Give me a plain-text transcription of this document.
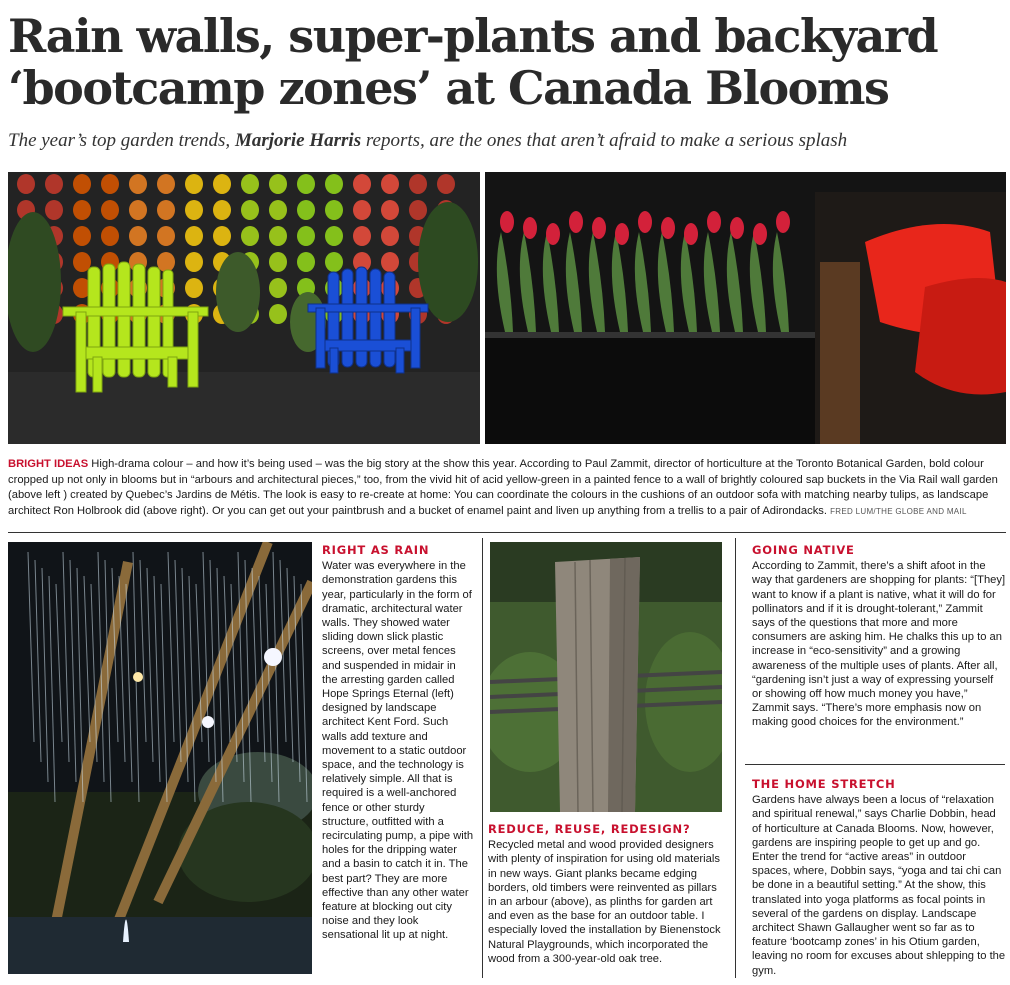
Rain walls, super-plants and backyard
‘bootcamp zones’ at Canada Blooms

The year’s top garden trends, Marjorie Harris reports, are the ones that aren’t afraid to make a serious splash

BRIGHT IDEAS High-drama colour – and how it’s being used – was the big story at the show this year. According to Paul Zammit, director of horticulture at the Toronto Botanical Garden, bold colour cropped up not only in blooms but in “arbours and architectural pieces,” too, from the vivid hit of acid yellow-green in a painted fence to a wall of brightly coloured sap buckets in the Via Rail wall garden (above left ) created by Quebec’s Jardins de Métis. The look is easy to re-create at home: You can coordinate the colours in the cushions of an outdoor sofa with matching nearby tulips, as landscape architect Ron Holbrook did (above right). Or you can get out your paintbrush and a bucket of enamel paint and liven up anything from a trellis to a pair of Adirondacks. FRED LUM/THE GLOBE AND MAIL

RIGHT AS RAIN

Water was everywhere in the demonstration gardens this year, particularly in the form of dramatic, architectural water walls. They showed water sliding down slick plastic screens, over metal fences and suspended in midair in the arresting garden called Hope Springs Eternal (left) designed by landscape architect Kent Ford. Such walls add texture and movement to a static outdoor space, and the technology is relatively simple. All that is required is a well-anchored fence or other sturdy structure, outfitted with a recirculating pump, a pipe with holes for the dripping water and a basin to catch it in. The best part? They are more effective than any other water feature at blocking out city noise and they look sensational lit up at night.

REDUCE, REUSE, REDESIGN?

Recycled metal and wood provided designers with plenty of inspiration for using old materials in new ways. Giant planks became edging borders, old timbers were reinvented as pillars in an arbour (above), as plinths for garden art and even as the base for an outdoor table. I especially loved the installation by Bienenstock Natural Playgrounds, which incorporated the wood from a 300-year-old oak tree.

GOING NATIVE

According to Zammit, there’s a shift afoot in the way that gardeners are shopping for plants: “[They] want to know if a plant is native, what it will do for pollinators and if it is drought-tolerant,” Zammit says of the questions that more and more consumers are asking him. He chalks this up to an increase in “eco-sensitivity” and a growing awareness of the multiple uses of plants. After all, “gardening isn’t just a way of expressing yourself or showing off how much money you have,” Zammit says. “There’s more emphasis now on making good choices for the environment.”

THE HOME STRETCH

Gardens have always been a locus of “relaxation and spiritual renewal,” says Charlie Dobbin, head of horticulture at Canada Blooms. Now, however, gardens are inspiring people to get up and go. Enter the trend for “active areas” in outdoor spaces, where, Dobbin says, “yoga and tai chi can be done in a beautiful setting.” At the show, this translated into yoga platforms as focal points in several of the gardens on display. Landscape architect Shawn Gallaugher went so far as to feature ‘bootcamp zones’ in his Otium garden, leaving no room for excuses about shlepping to the gym.
